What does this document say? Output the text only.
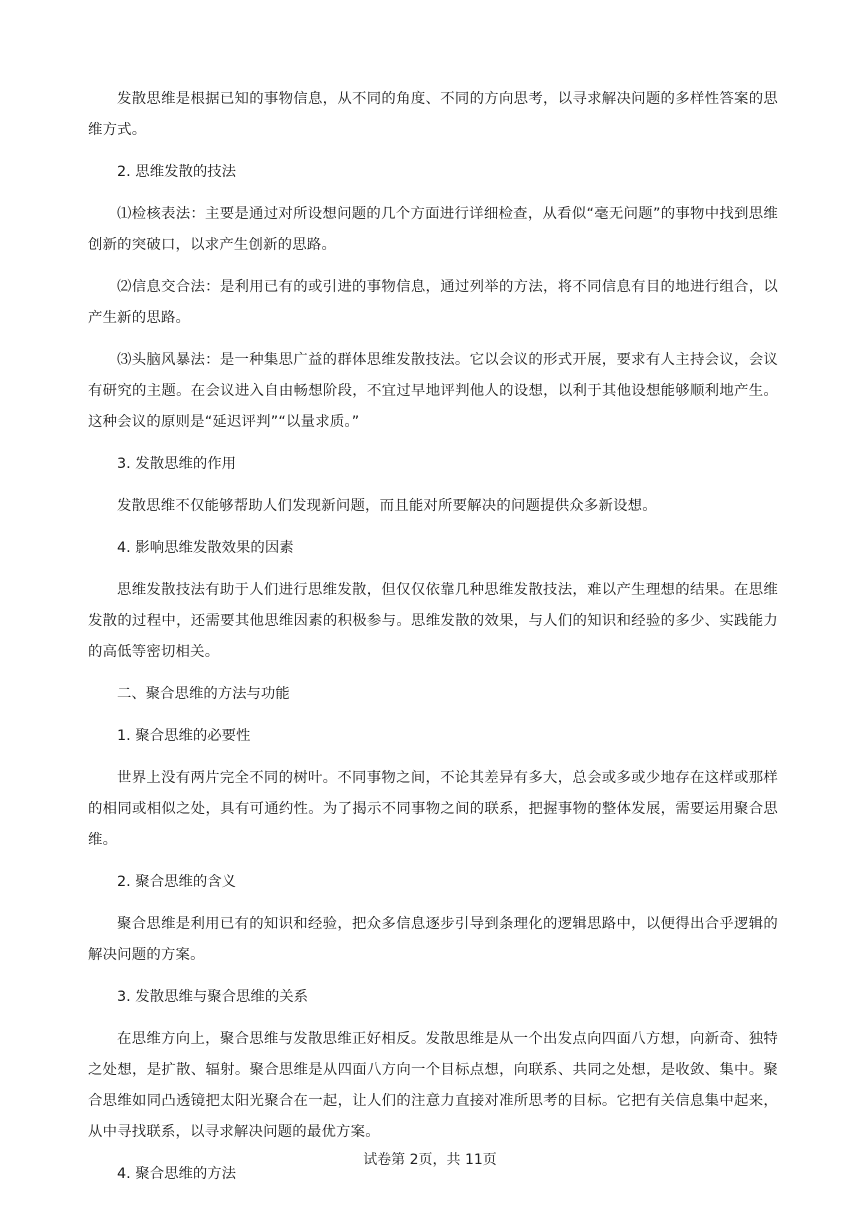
发散思维是根据已知的事物信息，从不同的角度、不同的方向思考，以寻求解决问题的多样性答案的思维方式。

2. 思维发散的技法

⑴检核表法：主要是通过对所设想问题的几个方面进行详细检查，从看似“毫无问题”的事物中找到思维创新的突破口，以求产生创新的思路。

⑵信息交合法：是利用已有的或引进的事物信息，通过列举的方法，将不同信息有目的地进行组合，以产生新的思路。

⑶头脑风暴法：是一种集思广益的群体思维发散技法。它以会议的形式开展，要求有人主持会议，会议有研究的主题。在会议进入自由畅想阶段，不宜过早地评判他人的设想，以利于其他设想能够顺利地产生。这种会议的原则是“延迟评判”“以量求质。”

3. 发散思维的作用

发散思维不仅能够帮助人们发现新问题，而且能对所要解决的问题提供众多新设想。

4. 影响思维发散效果的因素

思维发散技法有助于人们进行思维发散，但仅仅依靠几种思维发散技法，难以产生理想的结果。在思维发散的过程中，还需要其他思维因素的积极参与。思维发散的效果，与人们的知识和经验的多少、实践能力的高低等密切相关。

二、聚合思维的方法与功能

1. 聚合思维的必要性

世界上没有两片完全不同的树叶。不同事物之间，不论其差异有多大，总会或多或少地存在这样或那样的相同或相似之处，具有可通约性。为了揭示不同事物之间的联系，把握事物的整体发展，需要运用聚合思维。

2. 聚合思维的含义

聚合思维是利用已有的知识和经验，把众多信息逐步引导到条理化的逻辑思路中，以便得出合乎逻辑的解决问题的方案。

3. 发散思维与聚合思维的关系

在思维方向上，聚合思维与发散思维正好相反。发散思维是从一个出发点向四面八方想，向新奇、独特之处想，是扩散、辐射。聚合思维是从四面八方向一个目标点想，向联系、共同之处想，是收敛、集中。聚合思维如同凸透镜把太阳光聚合在一起，让人们的注意力直接对准所思考的目标。它把有关信息集中起来，从中寻找联系，以寻求解决问题的最优方案。

4. 聚合思维的方法

试卷第 2页，共 11页
